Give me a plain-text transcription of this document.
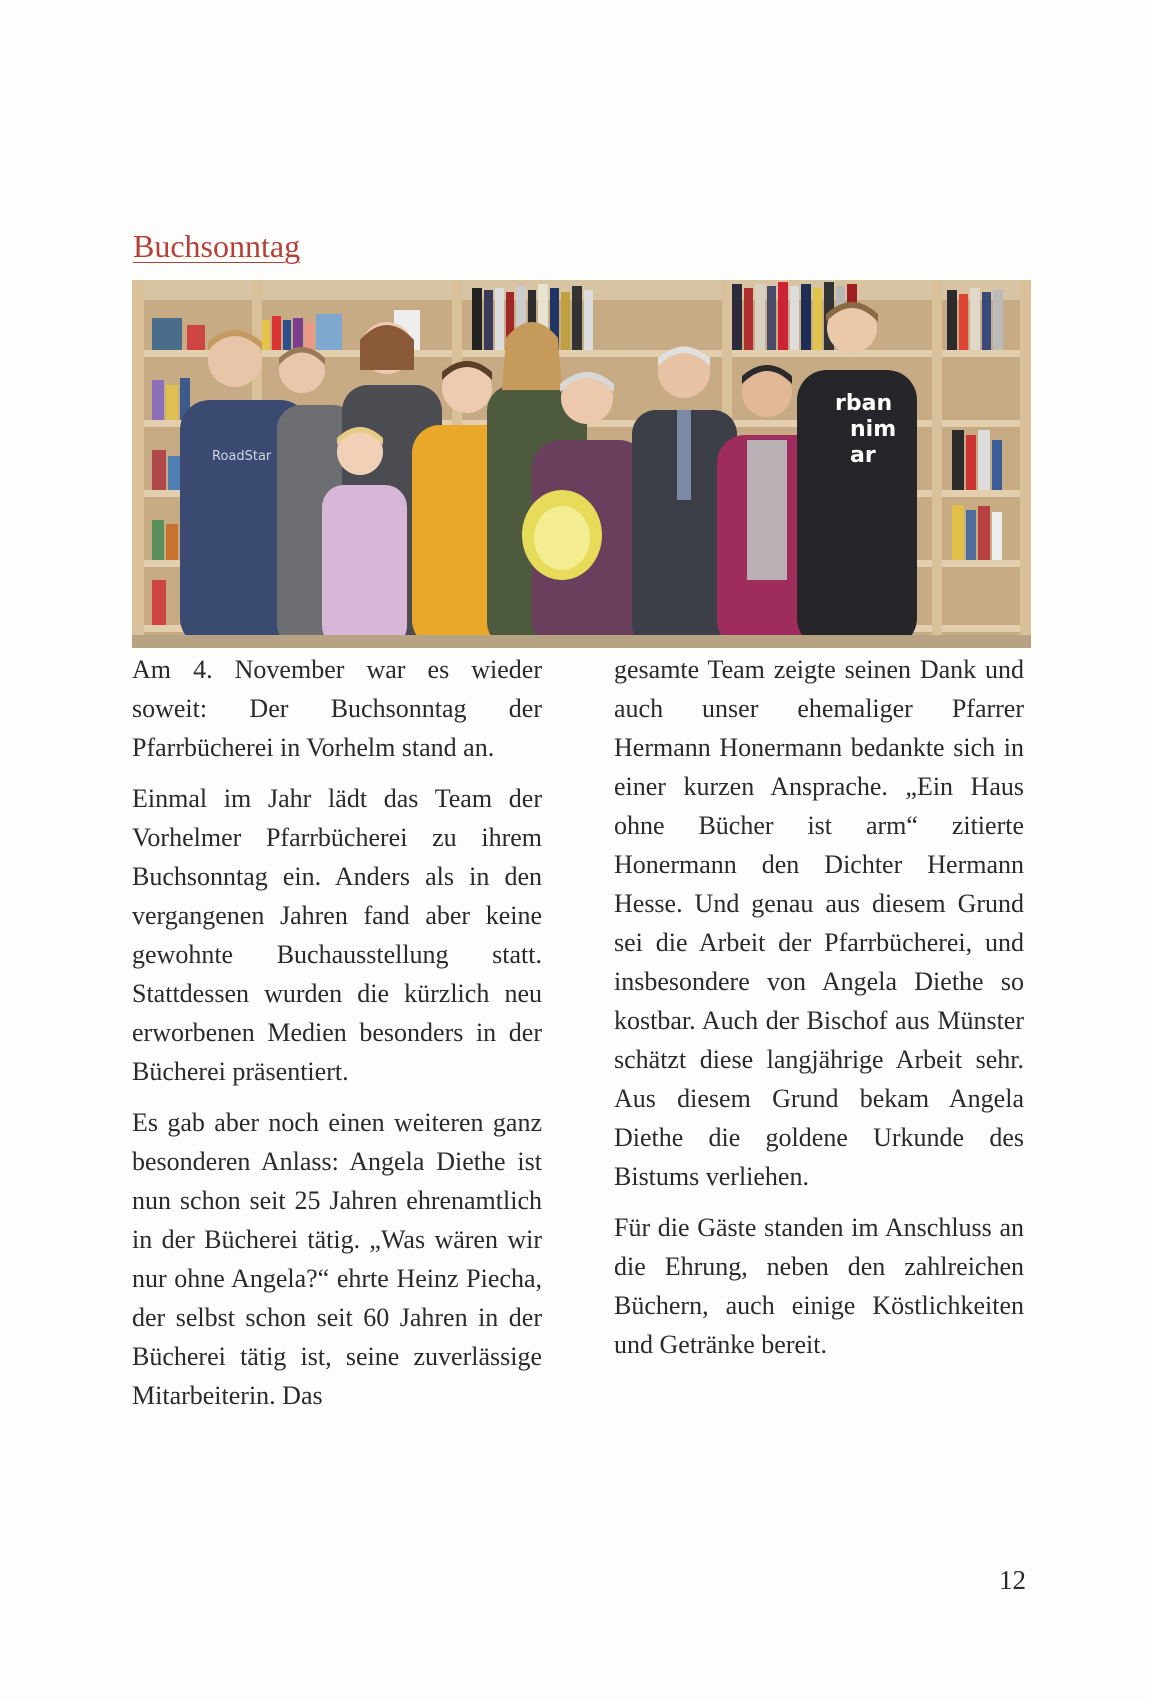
Buchsonntag
RoadStar
rban
nim
ar

Am 4. November war es wieder soweit: Der Buchsonntag der Pfarrbücherei in Vorhelm stand an.

Einmal im Jahr lädt das Team der Vorhelmer Pfarrbücherei zu ihrem Buchsonntag ein. Anders als in den vergangenen Jahren fand aber keine gewohnte Buchausstellung statt. Stattdessen wurden die kürzlich neu erworbenen Medien besonders in der Bücherei präsentiert.

Es gab aber noch einen weiteren ganz besonderen Anlass: Angela Diethe ist nun schon seit 25 Jahren ehrenamtlich in der Bücherei tätig. „Was wären wir nur ohne Angela?“ ehrte Heinz Piecha, der selbst schon seit 60 Jahren in der Bücherei tätig ist, seine zuverlässige Mitarbeiterin. Das

gesamte Team zeigte seinen Dank und auch unser ehemaliger Pfarrer Hermann Honermann bedankte sich in einer kurzen Ansprache. „Ein Haus ohne Bücher ist arm“ zitierte Honermann den Dichter Hermann Hesse. Und genau aus diesem Grund sei die Arbeit der Pfarrbücherei, und insbesondere von Angela Diethe so kostbar. Auch der Bischof aus Münster schätzt diese langjährige Arbeit sehr. Aus diesem Grund bekam Angela Diethe die goldene Urkunde des Bistums verliehen.

Für die Gäste standen im Anschluss an die Ehrung, neben den zahlreichen Büchern, auch einige Köstlichkeiten und Getränke bereit.

12
